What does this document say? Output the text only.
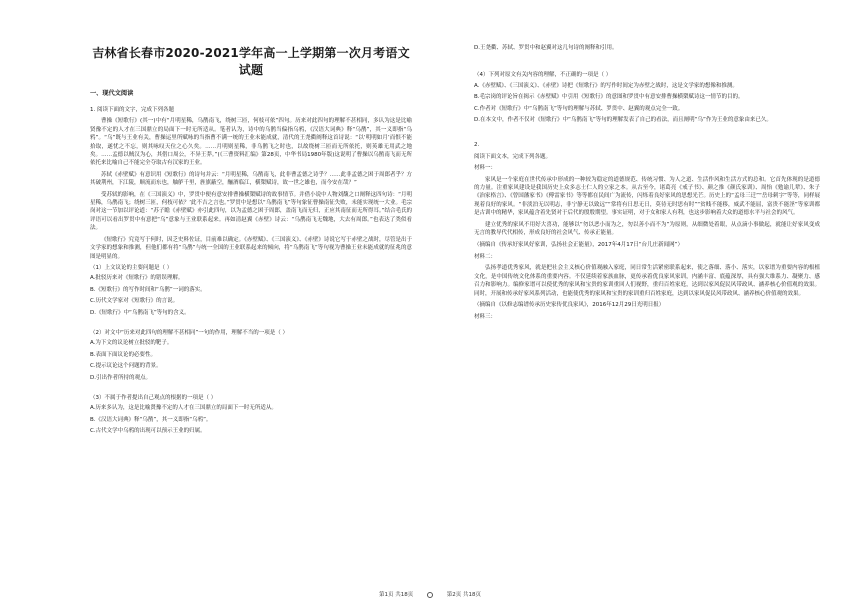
吉林省长春市2020-2021学年高一上学期第一次月考语文试题
一、现代文阅读
1. 阅读下面的文字，完成下列各题
曹操《短歌行》(其一)中有“月明星稀，乌鹊南飞，绕树三匝，何枝可依”四句。历来对此四句的理解不甚相同，多认为这是比喻贤豫不定的人才在三国鼎立的局面下一时无所适从。笔者认为，诗中的乌鹊当偏指乌鸦，《汉语大词典》释“乌鹊”，其一义即指“乌鸦”。“乌”既与王业有关，曹操运里所赋咏的当指曹不满一统的王业未能成就，清代的王尧衢阐释这首诗说：“以‘明明如月’而恨不能拾取，遂忧之不忘，则其咏叹天位之心久矣。……月明则星稀，非乌鹊飞之时也，以故绕树三匝而无所依托，则英雄无用武之地矣。……孟德以贼汉为心，其借口周公，不异王莽。”(《三曹资料汇编》第28页，中华书局1980年版)这说明了曹操以乌鹊南飞而无所依托来比喻自己不能完全夺取古有汉家的王业。
苏轼《赤壁赋》有意识用《短歌行》的诗句并云：“月明星稀，乌鹊南飞，此非曹孟德之诗乎？……此非孟德之困于周郎者乎？方其破荆州，下江陵，顺流而东也，舳舻千里，旌旗蔽空，酾酒临江，横槊赋诗，故一世之雄也，而今安在哉？”
受苏轼的影响，在《三国演义》中，罗贯中便有意安排曹操横槊赋诗的故事情节。并借小说中人物刘馥之口阐释这四句诗：“月明星稀，乌鹊南飞；绕树三匝，何枝可依？’此不吉之言也。”罗贯中是想以“乌鹊南飞”等句象征曹操南征失败，未能实现统一大业。毛宗岗对这一节加以评论道：“苏子瞻《赤壁赋》亦引此四句，以为孟德之困于周郎，盖南飞而无归，正应其南征而无所得耳。”结合毛氏的评语可以看出罗贯中有意把“乌”意象与王业联系起来。再如清赵翼《赤壁》诗云：“乌鹊南飞无魏地，大去有周郎。”也表达了类似看法。
《短歌行》究竟写于何时，因乏史料佐证，目前难以确定。《赤壁赋》、《三国演义》、《赤壁》诗说它写于赤壁之战时，尽管是出于文学家的想象和推测，但他们都有将“乌鹊”与统一全国的王业联系起来的倾向，将“乌鹊南飞”等句视为曹操王业未能成就的征兆的意图是明显的。
（1）上文议论的主要问题是（ ）
A.批驳历来对《短歌行》的错误理解。
B.《短歌行》的写作时间和“乌鹊”一词的落实。
C.历代文学家对《短歌行》的言说。
D.《短歌行》中“乌鹊南飞”等句的含义。
（2）对文中“历来对此四句的理解不甚相同”一句的作用，理解不当的一项是（ ）
A.为下文的议论树立批驳的靶子。
B.表面下面议论的必要性。
C.提示议论这个问题的背景。
D.引出作者所持的观点。
（3）不属于作者提出自己观点的根据的一项是（ ）
A.历来多认为，这是比喻贤豫不定的人才在三国鼎立的局面下一时无所适从。
B.《汉语大词典》释“乌鹊”，其一义即指“乌鸦”。
C.古代文学中乌鸦的出现可以预示王业的归属。
D.王尧衢、苏轼、罗贯中和赵翼对这几句诗的阐释和引用。
（4）下列对原文有关内容的理解，不正确的一项是（ ）
A.《赤壁赋》、《三国演义》、《赤壁》诗把《短歌行》的写作时间定为赤壁之战时，这是文学家的想像和推测。
B.毛宗岗的评论旨在揭示《赤壁赋》中引用《短歌行》的意图和罗贯中有意安排曹操横槊赋诗这一情节的目的。
C.作者对《短歌行》中“乌鹊南飞”等句的理解与苏轼、罗贯中、赵翼的观点完全一致。
D.在本文中，作者不仅对《短歌行》中“乌鹊南飞”等句的理解发表了自己的看法，而且阐明“乌”作为王业的意象由来已久。
2.
阅读下面文本，完成下列各题。
材料一：
家风是一个家庭在世代传承中形成的一种较为稳定的道德规范、传统习惯、为人之道、生活作风和生活方式的总和。它首先体现的是道德的力量。注重家风建设是我国历史上众多志士仁人的立家之本。从古至今，诸葛亮《戒子书》、颜之推《颜氏家训》、周怡《勉谕儿辈》、朱子《治家格言》、《曾国藩家书》《傅雷家书》等等都在民间广为流传，闪烁着良好家风的思想光芒。历史上的“孟母三迁”“岳母刺字”等等，同样展现着良好的家风。“非淡泊无以明志，非宁静无以致远”“常将有日思无日，莫待无时思有时”“贫贱不能移，威武不能屈，富贵不能淫”等家训都是古训中的精华，家风蕴含着先贤对于后代的殷殷期望。事实证明，对于女和家人有利，也这步影响着大众的道德水平与社会的风气。
建立优秀的家风不用好大喜功，能够以“勿以恶小而为之，勿以善小而不为”为原则，从细微处着眼，从点滴小事做起，就能让好家风变成无言的教导代代相传，形成良好的社会风气、传承正能量。
（摘编自《传承好家风好家训，弘扬社会正能量》，2017年4月17日“台儿庄新闻网”）
材料二：
弘扬孝道优秀家风，就是把社会主义核心价值观融入家庭，同日常生活紧密联系起来，使之落细、落小、落实，以家谱为重要内容的根植文化，是中国传统文化体系的重要内容。不仅延续着家族血脉，更传承着优良家风家训，内涵丰富、底蕴深厚，具有强大维系力、凝聚力、感召力和影响力。编修家谱可以使优秀的家风和宝贵的家训重回人们视野，重归百姓家庭，达到以家风促民风带政风、涵养核心价值观的效果。同时，开展和传承好家风系列活动，也能使优秀的家风和宝贵的家训重归百姓家庭，达到以家风促民风带政风、涵养核心价值观的效果。
（摘编自《以修志编谱传承历史家传优良家风》，2016年12月29日光明日报）
材料三：
第1页 共18页	第2页 共18页
